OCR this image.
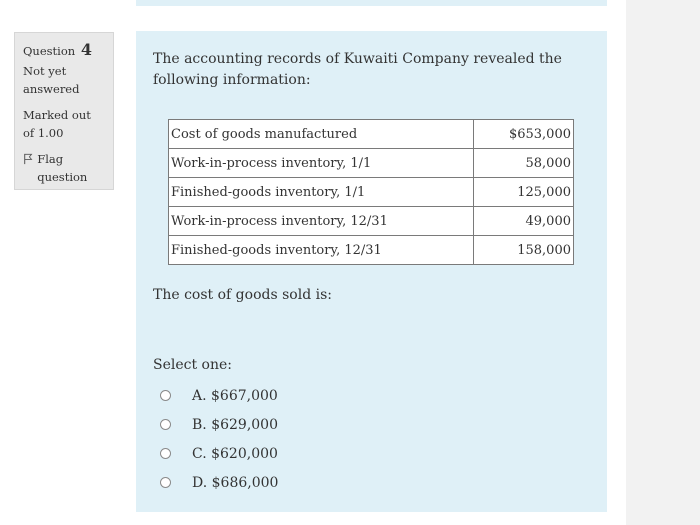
Question 4
Not yet answered
Marked out of 1.00
Flag question
The accounting records of Kuwaiti Company revealed the following information:
Cost of goods manufactured	$653,000
Work-in-process inventory, 1/1	58,000
Finished-goods inventory, 1/1	125,000
Work-in-process inventory, 12/31	49,000
Finished-goods inventory, 12/31	158,000
The cost of goods sold is:
Select one:
A. $667,000
B. $629,000
C. $620,000
D. $686,000
